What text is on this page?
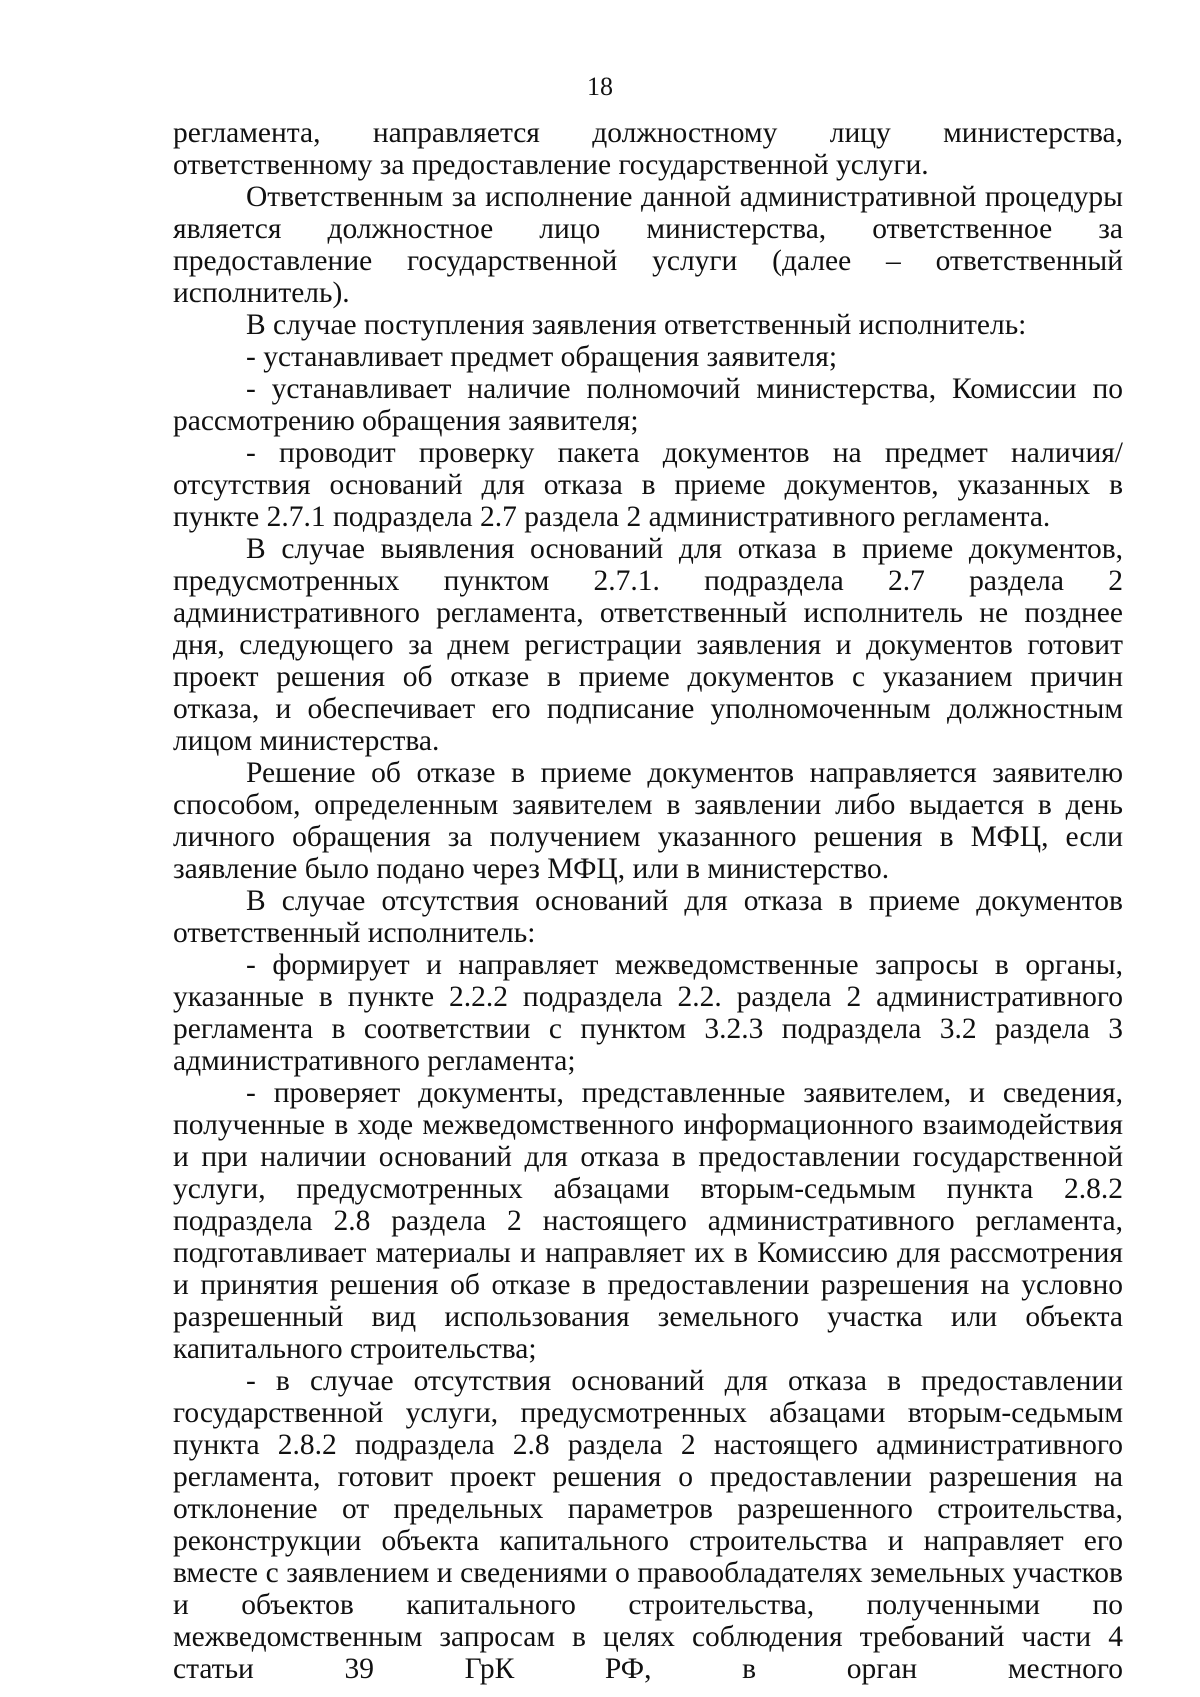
18

регламента, направляется должностному лицу министерства, ответственному за предоставление государственной услуги.

Ответственным за исполнение данной административной процедуры является должностное лицо министерства, ответственное за предоставление государственной услуги (далее – ответственный исполнитель).

В случае поступления заявления ответственный исполнитель:

- устанавливает предмет обращения заявителя;

- устанавливает наличие полномочий министерства, Комиссии по рассмотрению обращения заявителя;

- проводит проверку пакета документов на предмет наличия/отсутствия оснований для отказа в приеме документов, указанных в пункте 2.7.1 подраздела 2.7 раздела 2 административного регламента.

В случае выявления оснований для отказа в приеме документов, предусмотренных пунктом 2.7.1. подраздела 2.7 раздела 2 административного регламента, ответственный исполнитель не позднее дня, следующего за днем регистрации заявления и документов готовит проект решения об отказе в приеме документов с указанием причин отказа, и обеспечивает его подписание уполномоченным должностным лицом министерства.

Решение об отказе в приеме документов направляется заявителю способом, определенным заявителем в заявлении либо выдается в день личного обращения за получением указанного решения в МФЦ, если заявление было подано через МФЦ, или в министерство.

В случае отсутствия оснований для отказа в приеме документов ответственный исполнитель:

- формирует и направляет межведомственные запросы в органы, указанные в пункте 2.2.2 подраздела 2.2. раздела 2 административного регламента в соответствии с пунктом 3.2.3 подраздела 3.2 раздела 3 административного регламента;

- проверяет документы, представленные заявителем, и сведения, полученные в ходе межведомственного информационного взаимодействия и при наличии оснований для отказа в предоставлении государственной услуги, предусмотренных абзацами вторым-седьмым пункта 2.8.2 подраздела 2.8 раздела 2 настоящего административного регламента, подготавливает материалы и направляет их в Комиссию для рассмотрения и принятия решения об отказе в предоставлении разрешения на условно разрешенный вид использования земельного участка или объекта капитального строительства;

- в случае отсутствия оснований для отказа в предоставлении государственной услуги, предусмотренных абзацами вторым-седьмым пункта 2.8.2 подраздела 2.8 раздела 2 настоящего административного регламента, готовит проект решения о предоставлении разрешения на отклонение от предельных параметров разрешенного строительства, реконструкции объекта капитального строительства и направляет его вместе с заявлением и сведениями о правообладателях земельных участков и объектов капитального строительства, полученными по межведомственным запросам в целях соблюдения требований части 4 статьи 39 ГрК РФ, в орган местного
